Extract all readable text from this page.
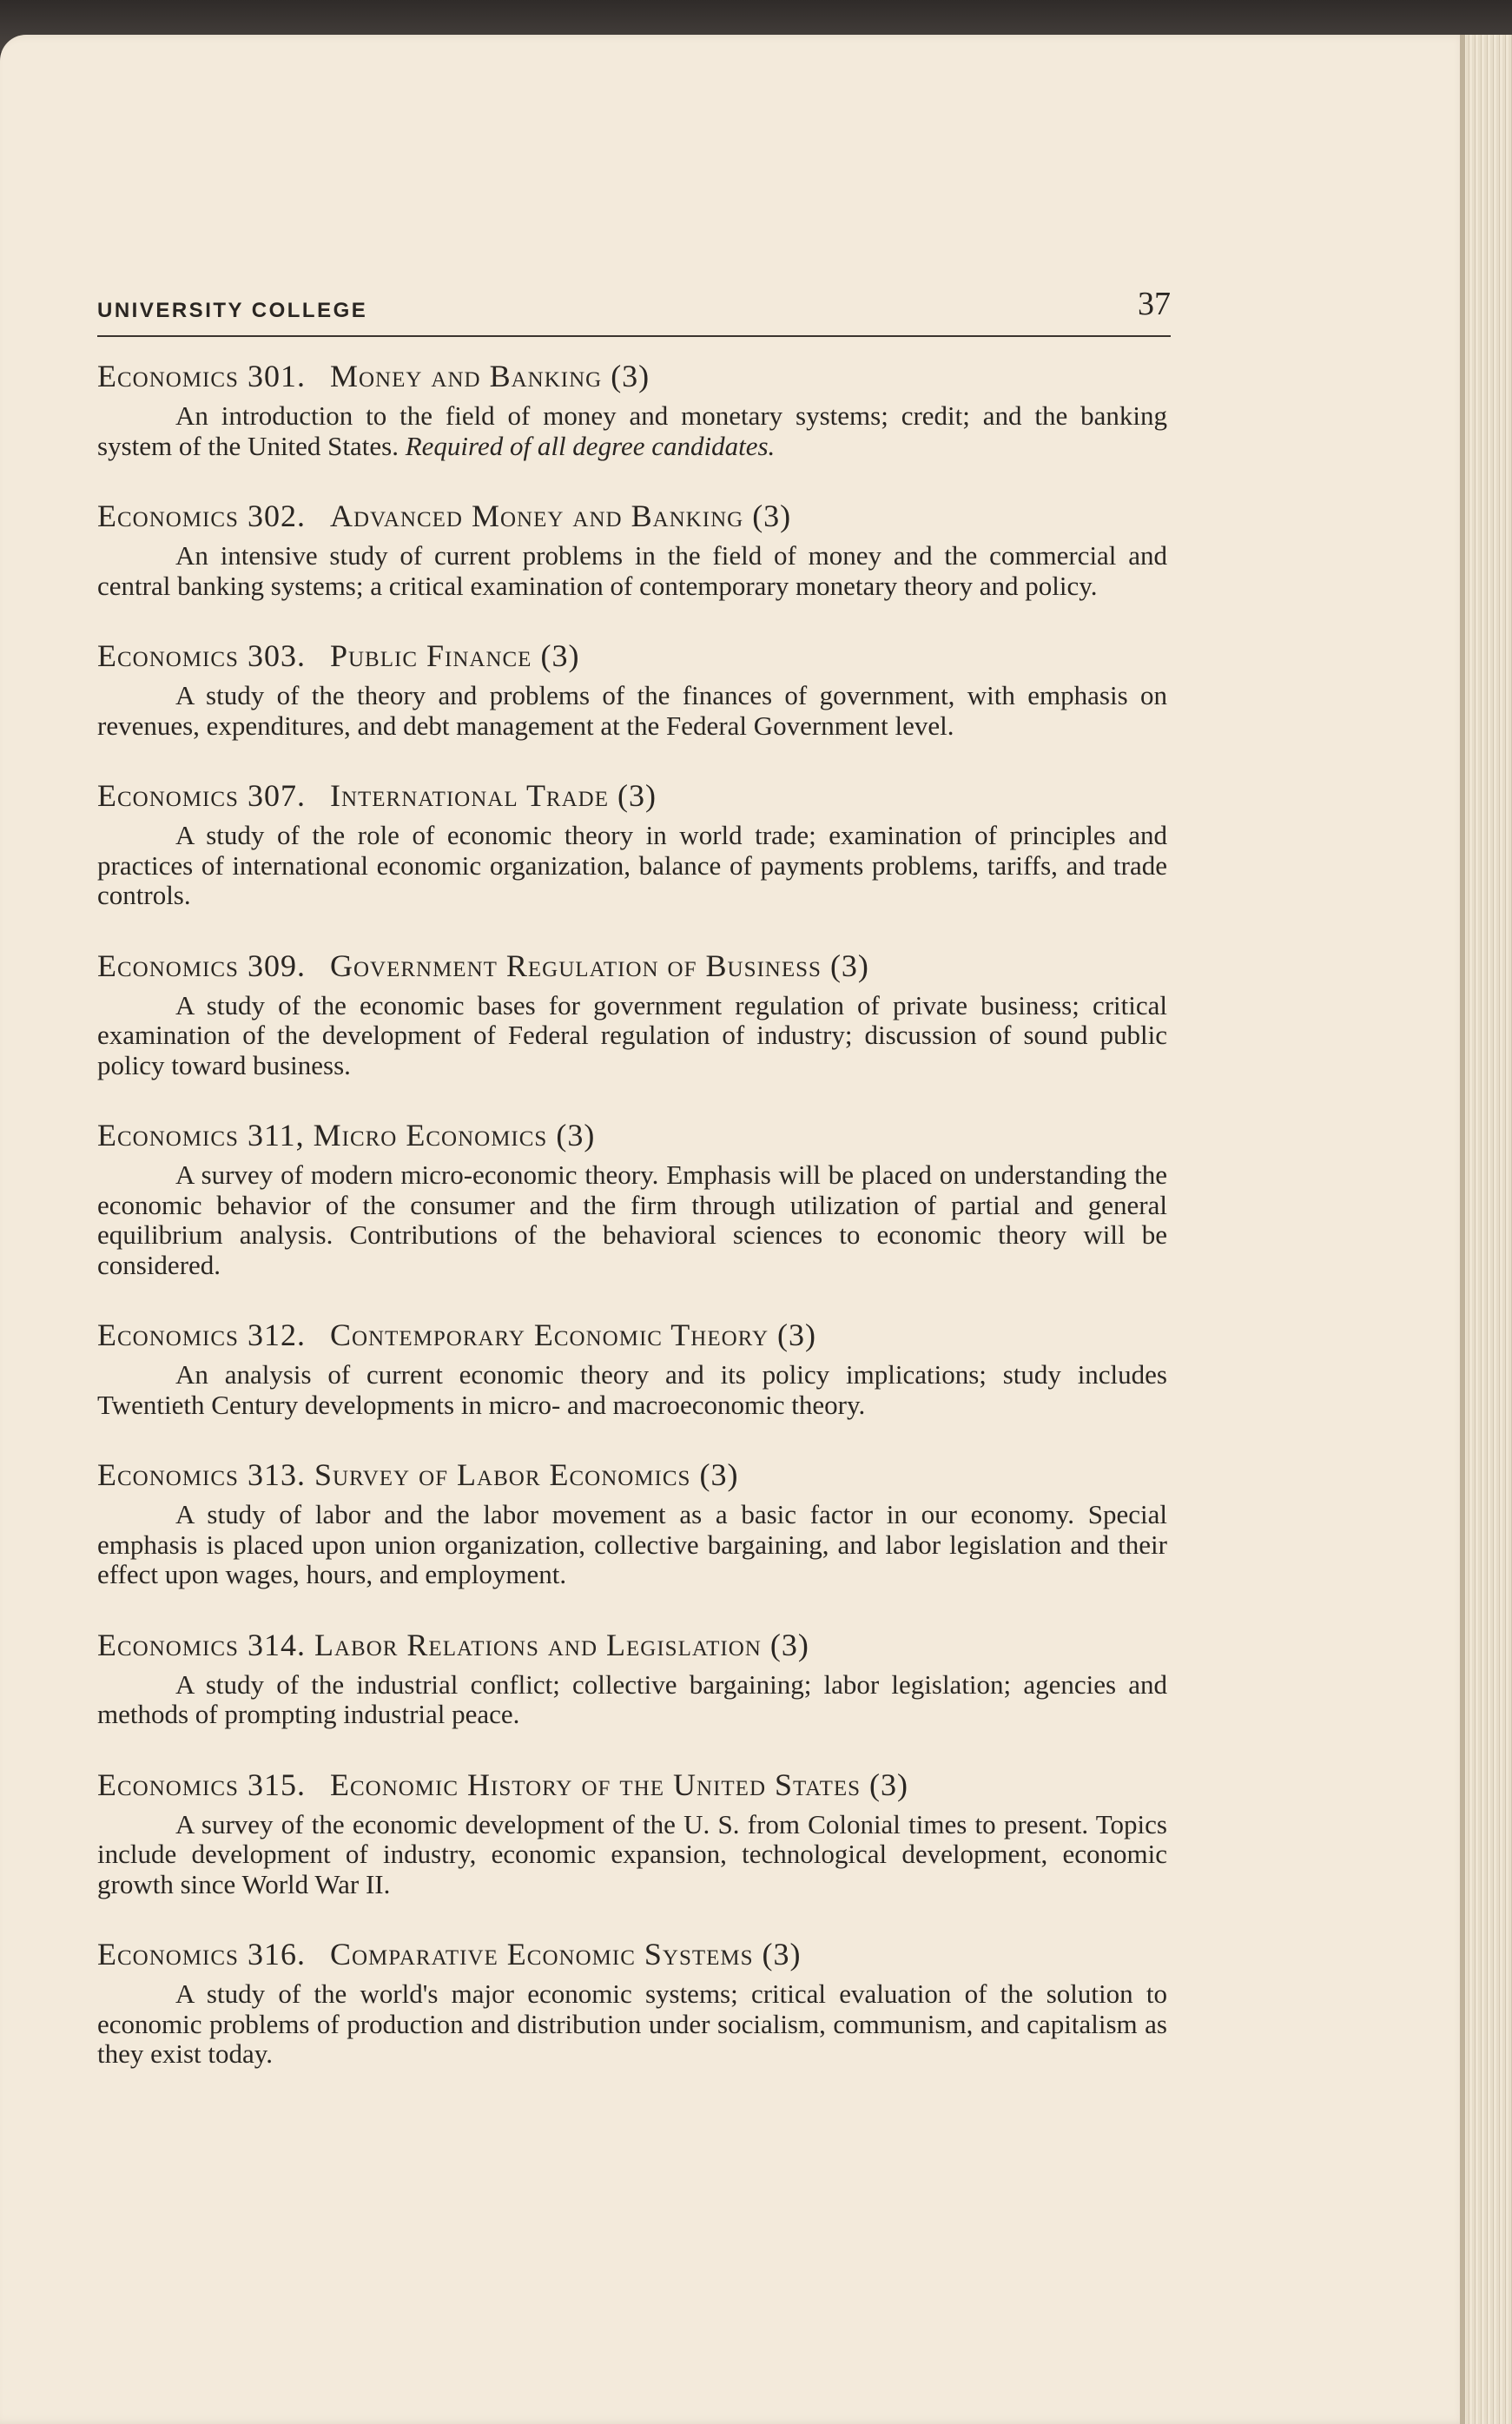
UNIVERSITY COLLEGE	37
Economics 301. Money and Banking (3)
An introduction to the field of money and monetary systems; credit; and the banking system of the United States. Required of all degree candidates.
Economics 302. Advanced Money and Banking (3)
An intensive study of current problems in the field of money and the commercial and central banking systems; a critical examination of contemporary monetary theory and policy.
Economics 303. Public Finance (3)
A study of the theory and problems of the finances of government, with emphasis on revenues, expenditures, and debt management at the Federal Government level.
Economics 307. International Trade (3)
A study of the role of economic theory in world trade; examination of principles and practices of international economic organization, balance of payments problems, tariffs, and trade controls.
Economics 309. Government Regulation of Business (3)
A study of the economic bases for government regulation of private business; critical examination of the development of Federal regulation of industry; discussion of sound public policy toward business.
Economics 311, Micro Economics (3)
A survey of modern micro-economic theory. Emphasis will be placed on understanding the economic behavior of the consumer and the firm through utilization of partial and general equilibrium analysis. Contributions of the behavioral sciences to economic theory will be considered.
Economics 312. Contemporary Economic Theory (3)
An analysis of current economic theory and its policy implications; study includes Twentieth Century developments in micro- and macroeconomic theory.
Economics 313. Survey of Labor Economics (3)
A study of labor and the labor movement as a basic factor in our economy. Special emphasis is placed upon union organization, collective bargaining, and labor legislation and their effect upon wages, hours, and employment.
Economics 314. Labor Relations and Legislation (3)
A study of the industrial conflict; collective bargaining; labor legislation; agencies and methods of prompting industrial peace.
Economics 315. Economic History of the United States (3)
A survey of the economic development of the U. S. from Colonial times to present. Topics include development of industry, economic expansion, technological development, economic growth since World War II.
Economics 316. Comparative Economic Systems (3)
A study of the world's major economic systems; critical evaluation of the solution to economic problems of production and distribution under socialism, communism, and capitalism as they exist today.
